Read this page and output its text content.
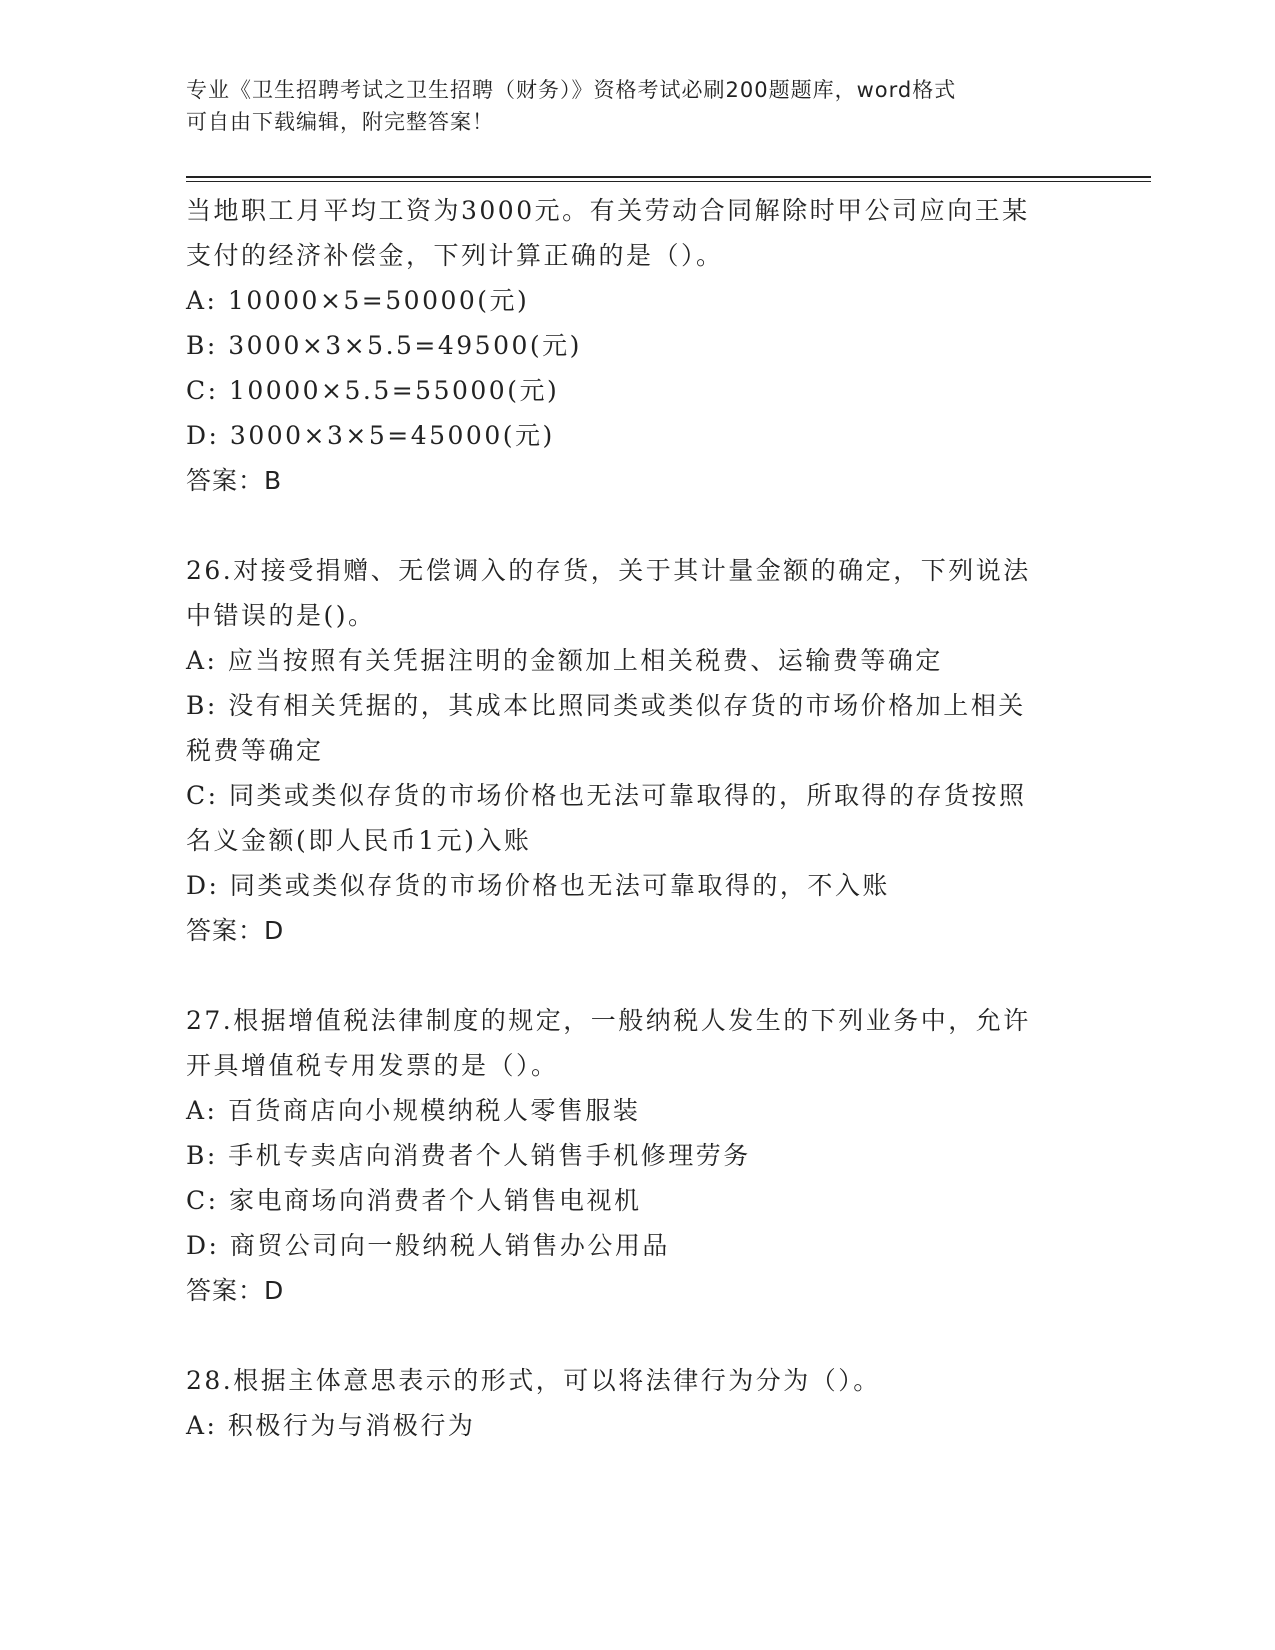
专业《卫生招聘考试之卫生招聘（财务）》资格考试必刷200题题库，word格式
可自由下载编辑，附完整答案！
当地职工月平均工资为3000元。有关劳动合同解除时甲公司应向王某
支付的经济补偿金，下列计算正确的是（）。
A: 10000×5=50000(元)
B: 3000×3×5.5=49500(元)
C: 10000×5.5=55000(元)
D: 3000×3×5=45000(元)
答案：B
26.对接受捐赠、无偿调入的存货，关于其计量金额的确定，下列说法
中错误的是()。
A: 应当按照有关凭据注明的金额加上相关税费、运输费等确定
B: 没有相关凭据的，其成本比照同类或类似存货的市场价格加上相关
税费等确定
C: 同类或类似存货的市场价格也无法可靠取得的，所取得的存货按照
名义金额(即人民币1元)入账
D: 同类或类似存货的市场价格也无法可靠取得的，不入账
答案：D
27.根据增值税法律制度的规定，一般纳税人发生的下列业务中，允许
开具增值税专用发票的是（）。
A: 百货商店向小规模纳税人零售服装
B: 手机专卖店向消费者个人销售手机修理劳务
C: 家电商场向消费者个人销售电视机
D: 商贸公司向一般纳税人销售办公用品
答案：D
28.根据主体意思表示的形式，可以将法律行为分为（）。
A: 积极行为与消极行为
